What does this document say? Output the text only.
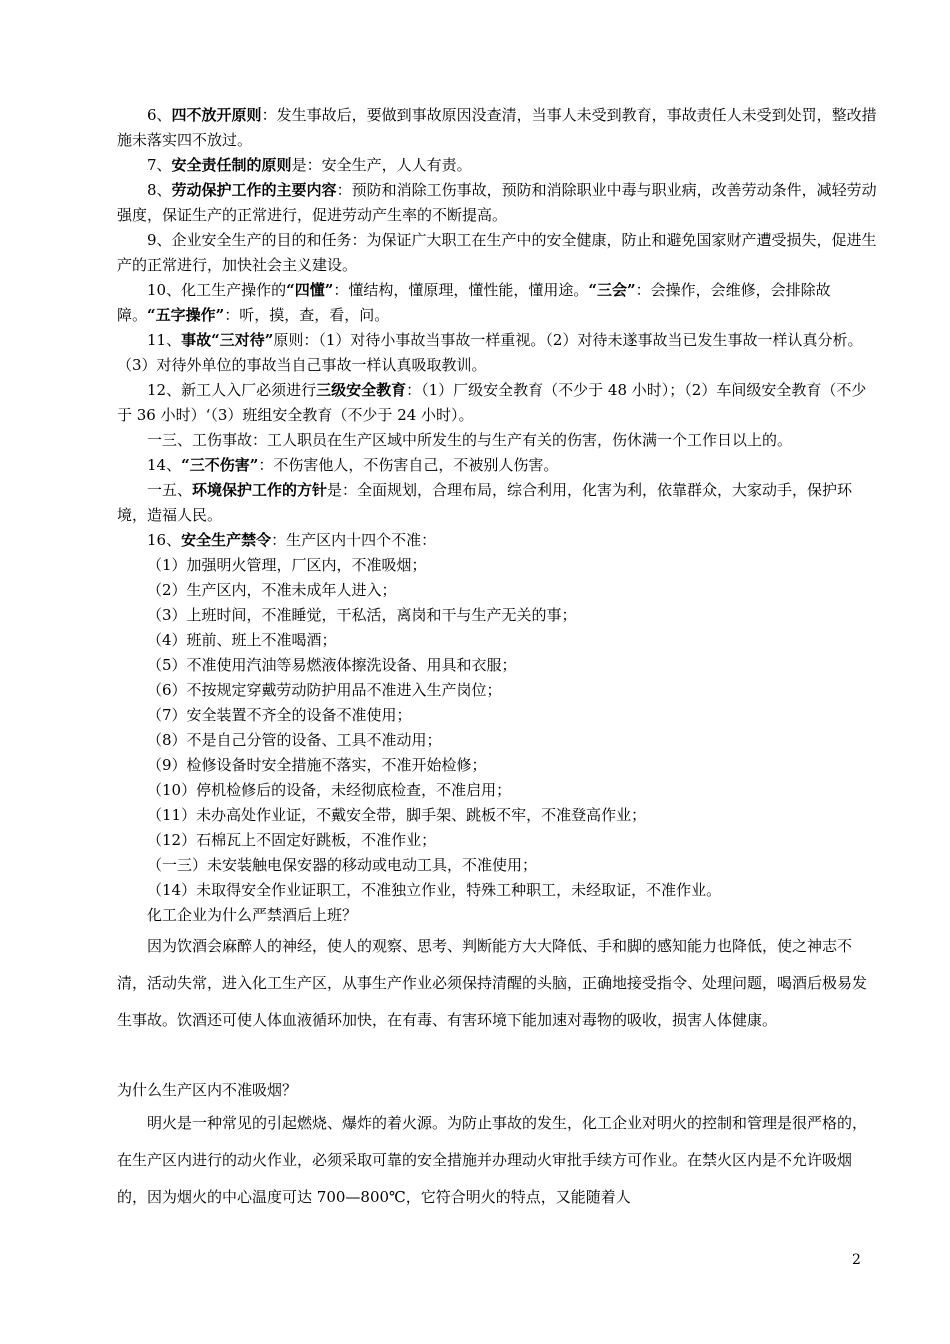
6、四不放开原则：发生事故后，要做到事故原因没查清，当事人未受到教育，事故责任人未受到处罚，整改措施未落实四不放过。

7、安全责任制的原则是：安全生产，人人有责。

8、劳动保护工作的主要内容：预防和消除工伤事故，预防和消除职业中毒与职业病，改善劳动条件，减轻劳动强度，保证生产的正常进行，促进劳动产生率的不断提高。

9、企业安全生产的目的和任务：为保证广大职工在生产中的安全健康，防止和避免国家财产遭受损失，促进生产的正常进行，加快社会主义建设。

10、化工生产操作的“四懂”：懂结构，懂原理，懂性能，懂用途。“三会”：会操作，会维修，会排除故障。“五字操作”：听，摸，查，看，问。

11、事故“三对待”原则：（1）对待小事故当事故一样重视。（2）对待未遂事故当已发生事故一样认真分析。（3）对待外单位的事故当自己事故一样认真吸取教训。

12、新工人入厂必须进行三级安全教育：（1）厂级安全教育（不少于 48 小时）；（2）车间级安全教育（不少于 36 小时）‘（3）班组安全教育（不少于 24 小时）。

一三、工伤事故：工人职员在生产区域中所发生的与生产有关的伤害，伤休满一个工作日以上的。

14、“三不伤害”：不伤害他人，不伤害自己，不被别人伤害。

一五、环境保护工作的方针是：全面规划，合理布局，综合利用，化害为利，依靠群众，大家动手，保护环境，造福人民。

16、安全生产禁令：生产区内十四个不准：

（1）加强明火管理，厂区内，不准吸烟；

（2）生产区内，不准未成年人进入；

（3）上班时间，不准睡觉，干私活，离岗和干与生产无关的事；

（4）班前、班上不准喝酒；

（5）不准使用汽油等易燃液体擦洗设备、用具和衣服；

（6）不按规定穿戴劳动防护用品不准进入生产岗位；

（7）安全装置不齐全的设备不准使用；

（8）不是自己分管的设备、工具不准动用；

（9）检修设备时安全措施不落实，不准开始检修；

（10）停机检修后的设备，未经彻底检查，不准启用；

（11）未办高处作业证，不戴安全带，脚手架、跳板不牢，不准登高作业；

（12）石棉瓦上不固定好跳板，不准作业；

（一三）未安装触电保安器的移动或电动工具，不准使用；

（14）未取得安全作业证职工，不准独立作业，特殊工种职工，未经取证，不准作业。

化工企业为什么严禁酒后上班？

因为饮酒会麻醉人的神经，使人的观察、思考、判断能方大大降低、手和脚的感知能力也降低，使之神志不清，活动失常，进入化工生产区，从事生产作业必须保持清醒的头脑，正确地接受指令、处理问题，喝酒后极易发生事故。饮酒还可使人体血液循环加快，在有毒、有害环境下能加速对毒物的吸收，损害人体健康。

为什么生产区内不准吸烟？

明火是一种常见的引起燃烧、爆炸的着火源。为防止事故的发生，化工企业对明火的控制和管理是很严格的，在生产区内进行的动火作业，必须采取可靠的安全措施并办理动火审批手续方可作业。在禁火区内是不允许吸烟的，因为烟火的中心温度可达 700—800℃，它符合明火的特点，又能随着人

2
